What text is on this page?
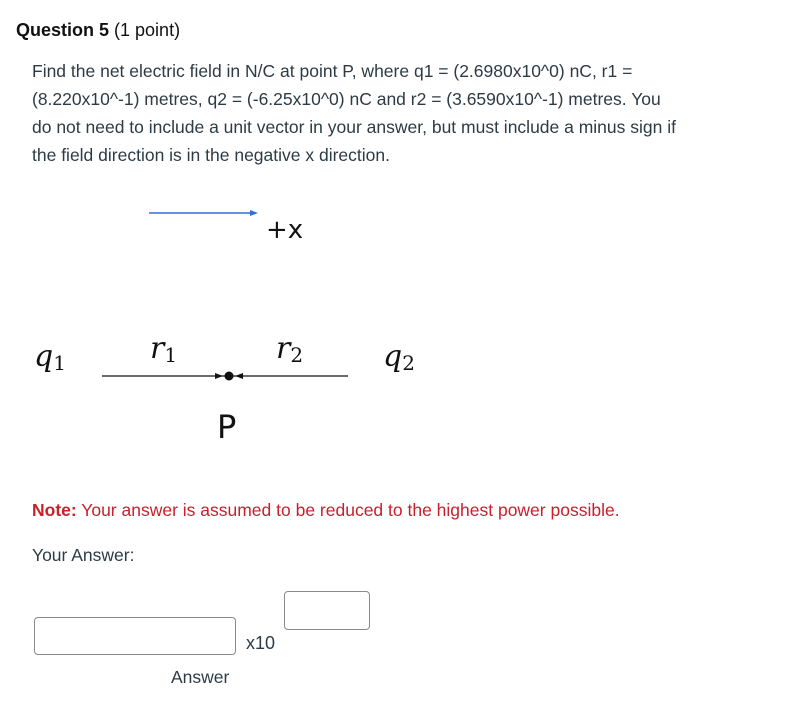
Question 5 (1 point)

Find the net electric field in N/C at point P, where q1 = (2.6980x10^0) nC, r1 =

(8.220x10^-1) metres, q2 = (-6.25x10^0) nC and r2 = (3.6590x10^-1) metres. You

do not need to include a unit vector in your answer, but must include a minus sign if

the field direction is in the negative x direction.

+x
q1	r1	r2	q2
P
Note: Your answer is assumed to be reduced to the highest power possible.
Your Answer:
x10
Answer
